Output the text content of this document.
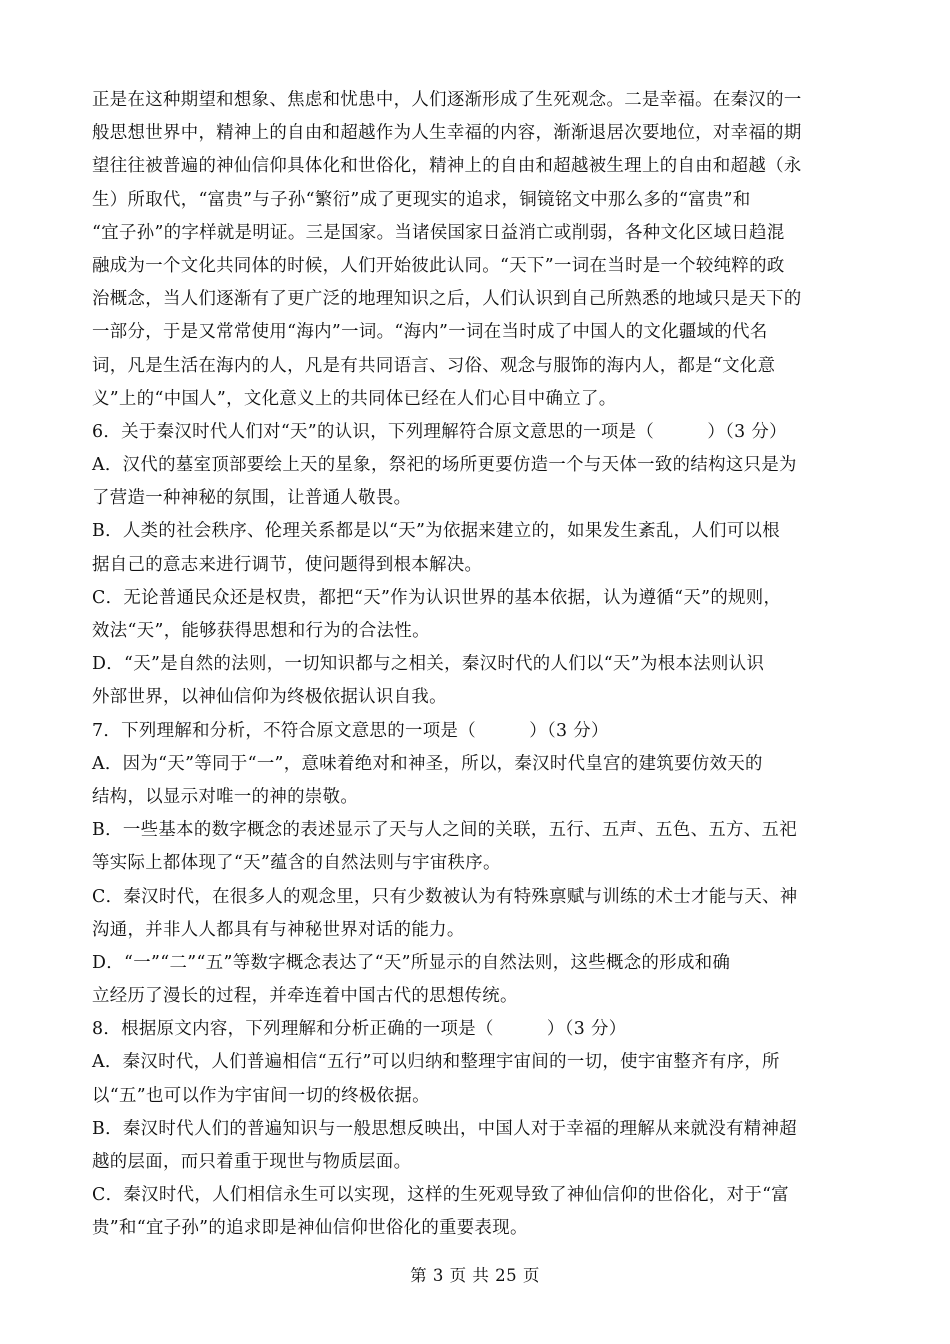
正是在这种期望和想象、焦虑和忧患中，人们逐渐形成了生死观念。二是幸福。在秦汉的一
般思想世界中，精神上的自由和超越作为人生幸福的内容，渐渐退居次要地位，对幸福的期
望往往被普遍的神仙信仰具体化和世俗化，精神上的自由和超越被生理上的自由和超越（永
生）所取代，“富贵”与子孙“繁衍”成了更现实的追求，铜镜铭文中那么多的“富贵”和
“宜子孙”的字样就是明证。三是国家。当诸侯国家日益消亡或削弱，各种文化区域日趋混
融成为一个文化共同体的时候，人们开始彼此认同。“天下”一词在当时是一个较纯粹的政
治概念，当人们逐渐有了更广泛的地理知识之后，人们认识到自己所熟悉的地域只是天下的
一部分，于是又常常使用“海内”一词。“海内”一词在当时成了中国人的文化疆域的代名
词，凡是生活在海内的人，凡是有共同语言、习俗、观念与服饰的海内人，都是“文化意
义”上的“中国人”，文化意义上的共同体已经在人们心目中确立了。
6．关于秦汉时代人们对“天”的认识，下列理解符合原文意思的一项是（　　　）（3 分）
A．汉代的墓室顶部要绘上天的星象，祭祀的场所更要仿造一个与天体一致的结构这只是为
了营造一种神秘的氛围，让普通人敬畏。
B．人类的社会秩序、伦理关系都是以“天”为依据来建立的，如果发生紊乱，人们可以根
据自己的意志来进行调节，使问题得到根本解决。
C．无论普通民众还是权贵，都把“天”作为认识世界的基本依据，认为遵循“天”的规则，
效法“天”，能够获得思想和行为的合法性。
D．“天”是自然的法则，一切知识都与之相关，秦汉时代的人们以“天”为根本法则认识
外部世界，以神仙信仰为终极依据认识自我。
7．下列理解和分析，不符合原文意思的一项是（　　　）（3 分）
A．因为“天”等同于“一”，意味着绝对和神圣，所以，秦汉时代皇宫的建筑要仿效天的
结构，以显示对唯一的神的崇敬。
B．一些基本的数字概念的表述显示了天与人之间的关联，五行、五声、五色、五方、五祀
等实际上都体现了“天”蕴含的自然法则与宇宙秩序。
C．秦汉时代，在很多人的观念里，只有少数被认为有特殊禀赋与训练的术士才能与天、神
沟通，并非人人都具有与神秘世界对话的能力。
D．“一”“二”“五”等数字概念表达了“天”所显示的自然法则，这些概念的形成和确
立经历了漫长的过程，并牵连着中国古代的思想传统。
8．根据原文内容，下列理解和分析正确的一项是（　　　）（3 分）
A．秦汉时代，人们普遍相信“五行”可以归纳和整理宇宙间的一切，使宇宙整齐有序，所
以“五”也可以作为宇宙间一切的终极依据。
B．秦汉时代人们的普遍知识与一般思想反映出，中国人对于幸福的理解从来就没有精神超
越的层面，而只着重于现世与物质层面。
C．秦汉时代，人们相信永生可以实现，这样的生死观导致了神仙信仰的世俗化，对于“富
贵”和“宜子孙”的追求即是神仙信仰世俗化的重要表现。
第 3 页 共 25 页
